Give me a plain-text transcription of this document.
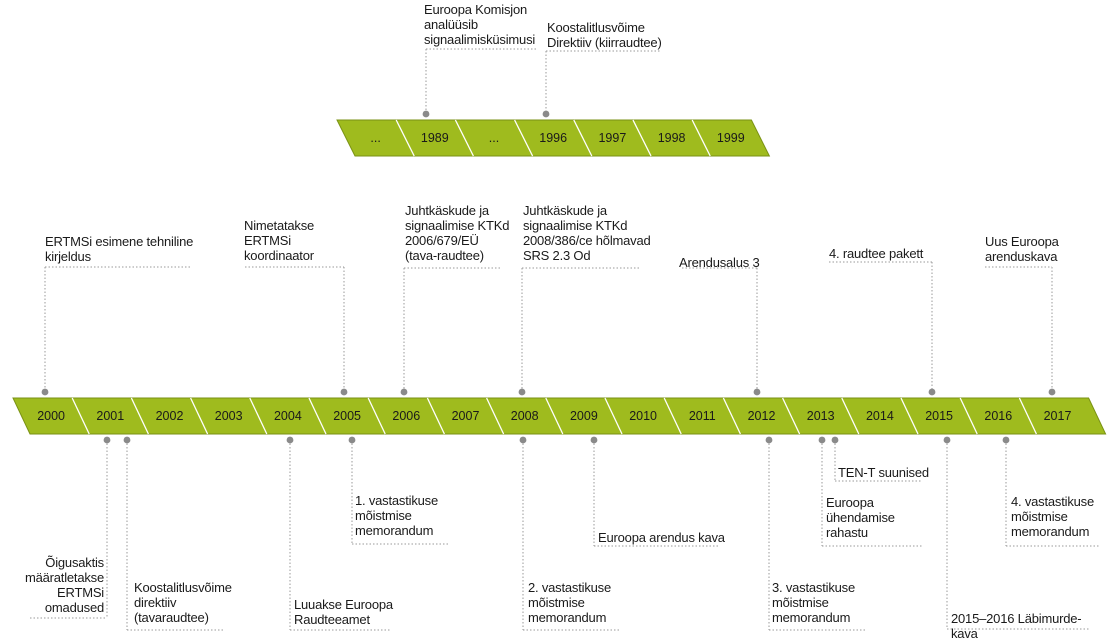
...	1989	...	1996	1997	1998	1999
2000	2001	2002	2003	2004	2005	2006	2007	2008	2009	2010	2011	2012	2013	2014	2015	2016	2017
Euroopa Komisjon
analüüsib
signaalimisküsimusi
Koostalitlusvõime
Direktiiv (kiirraudtee)
ERTMSi esimene tehniline
kirjeldus
Nimetatakse
ERTMSi
koordinaator
Juhtkäskude ja
signaalimise KTKd
2006/679/EÜ
(tava-raudtee)
Juhtkäskude ja
signaalimise KTKd
2008/386/ce hõlmavad
SRS 2.3 Od	Arendusalus 3
4. raudtee pakett
Uus Euroopa
arenduskava
Õigusaktis
määratletakse
ERTMSi
omadused
Koostalitlusvõime
direktiiv
(tavaraudtee)
Luuakse Euroopa
Raudteeamet
1. vastastikuse
mõistmise
memorandum
2. vastastikuse
mõistmise
memorandum
Euroopa arendus kava
3. vastastikuse
mõistmise
memorandum
Euroopa
ühendamise
rahastu
TEN-T suunised
2015–2016 Läbimurde-kava
4. vastastikuse
mõistmise
memorandum
